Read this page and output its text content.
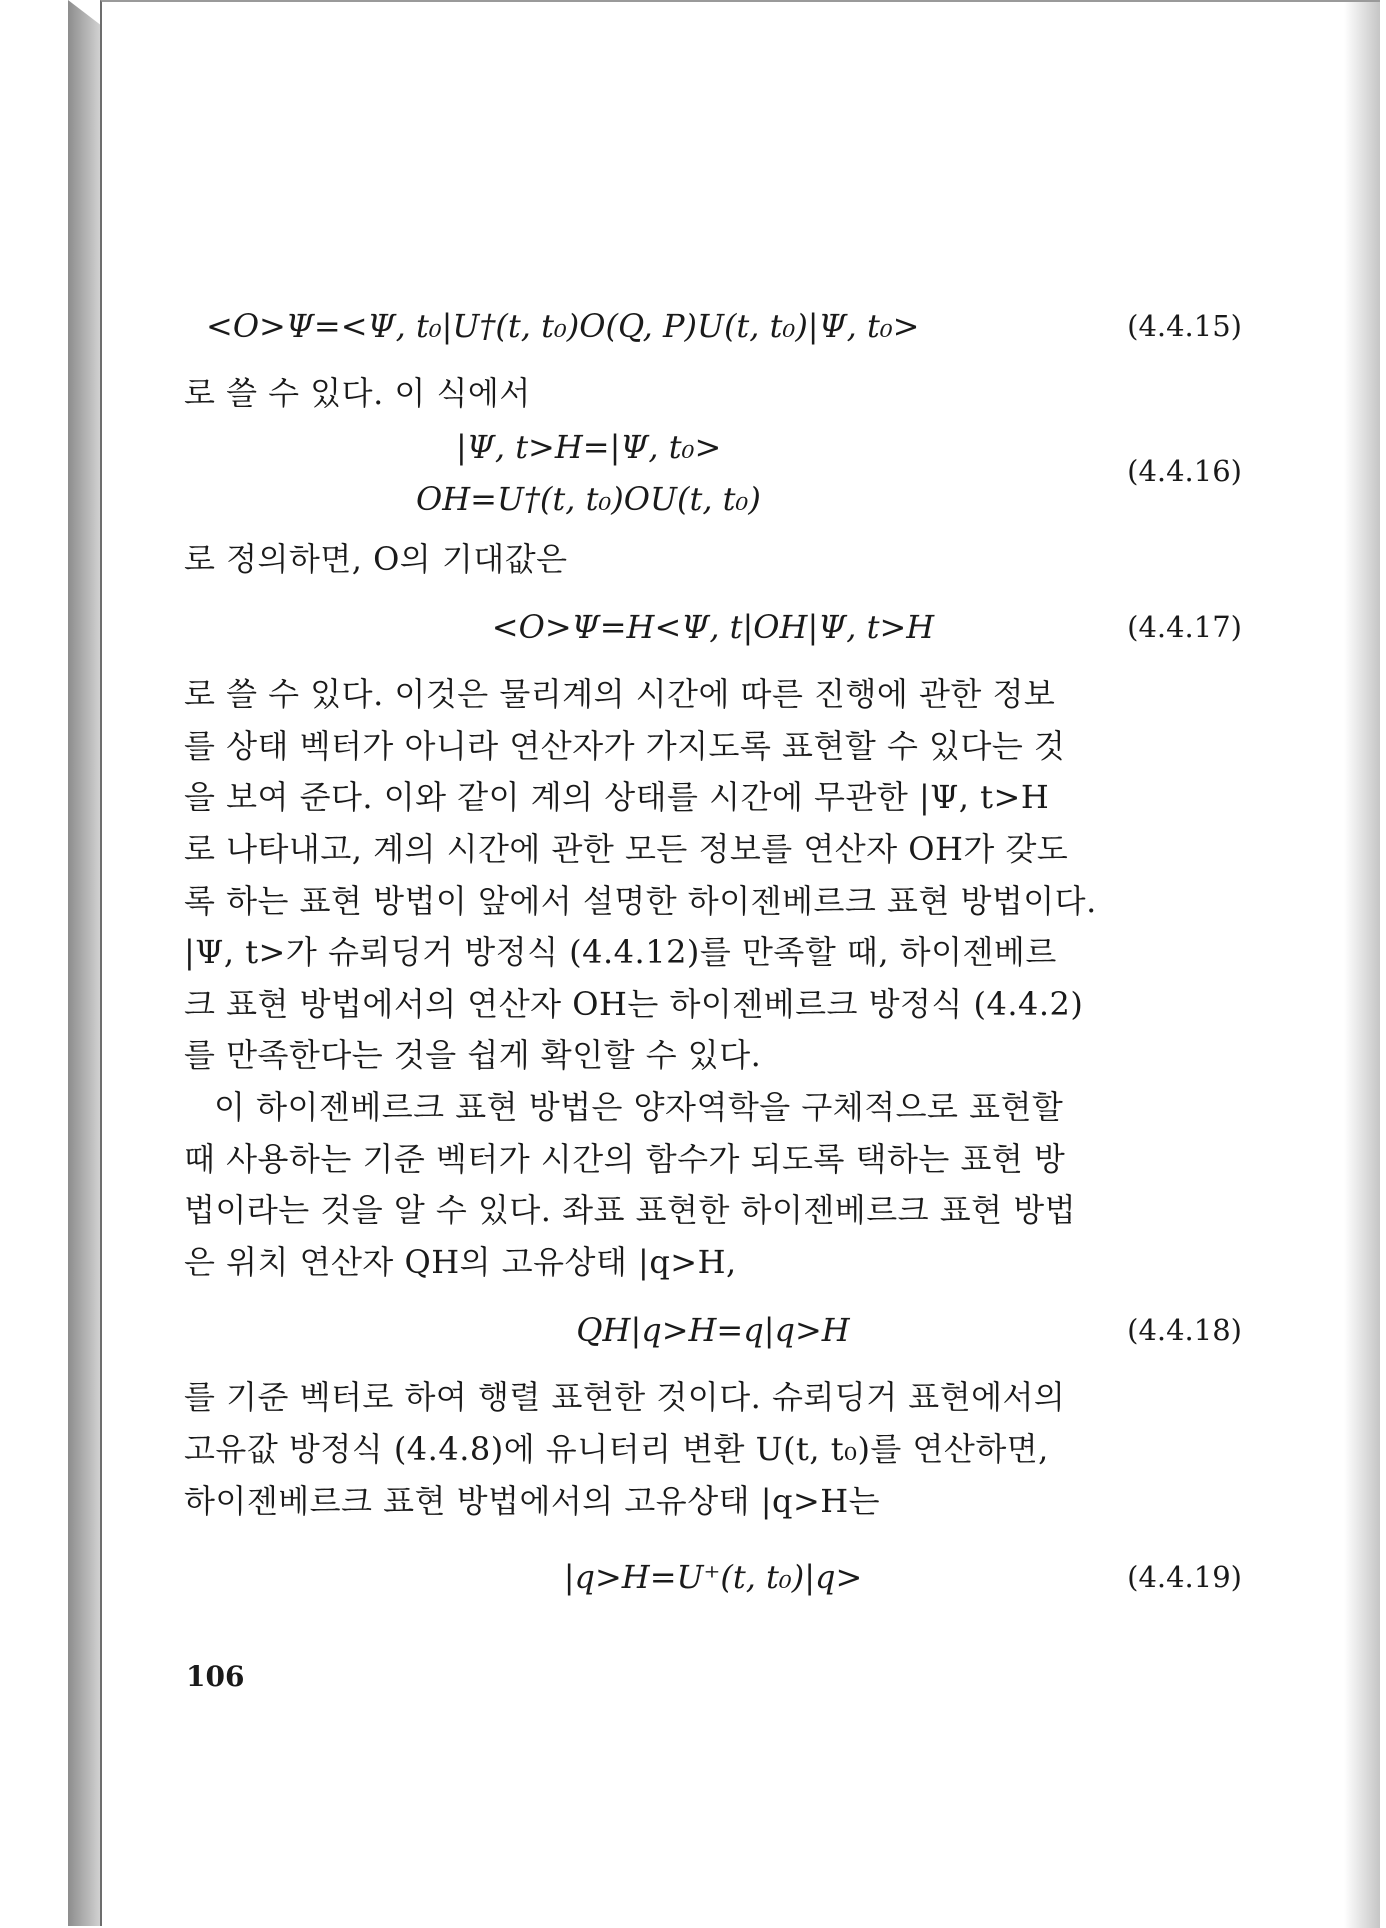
<O>Ψ=<Ψ, t₀|U†(t, t₀)O(Q, P)U(t, t₀)|Ψ, t₀>	(4.4.15)
로 쓸 수 있다. 이 식에서
|Ψ, t>H=|Ψ, t₀>
OH=U†(t, t₀)OU(t, t₀)
(4.4.16)
로 정의하면, O의 기대값은
<O>Ψ=H<Ψ, t|OH|Ψ, t>H	(4.4.17)
로 쓸 수 있다. 이것은 물리계의 시간에 따른 진행에 관한 정보
를 상태 벡터가 아니라 연산자가 가지도록 표현할 수 있다는 것
을 보여 준다. 이와 같이 계의 상태를 시간에 무관한 |Ψ, t>H
로 나타내고, 계의 시간에 관한 모든 정보를 연산자 OH가 갖도
록 하는 표현 방법이 앞에서 설명한 하이젠베르크 표현 방법이다.
|Ψ, t>가 슈뢰딩거 방정식 (4.4.12)를 만족할 때, 하이젠베르
크 표현 방법에서의 연산자 OH는 하이젠베르크 방정식 (4.4.2)
를 만족한다는 것을 쉽게 확인할 수 있다.
이 하이젠베르크 표현 방법은 양자역학을 구체적으로 표현할
때 사용하는 기준 벡터가 시간의 함수가 되도록 택하는 표현 방
법이라는 것을 알 수 있다. 좌표 표현한 하이젠베르크 표현 방법
은 위치 연산자 QH의 고유상태 |q>H,
QH|q>H=q|q>H	(4.4.18)
를 기준 벡터로 하여 행렬 표현한 것이다. 슈뢰딩거 표현에서의
고유값 방정식 (4.4.8)에 유니터리 변환 U(t, t₀)를 연산하면,
하이젠베르크 표현 방법에서의 고유상태 |q>H는
|q>H=U⁺(t, t₀)|q>	(4.4.19)
106
